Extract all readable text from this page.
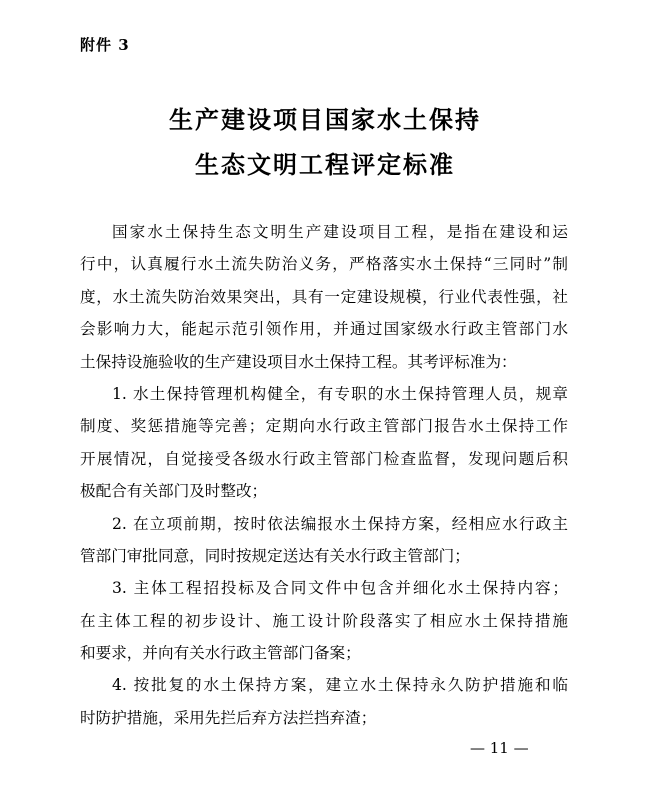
附件 3
生产建设项目国家水土保持
生态文明工程评定标准
国家水土保持生态文明生产建设项目工程，是指在建设和运
行中，认真履行水土流失防治义务，严格落实水土保持“三同时”制
度，水土流失防治效果突出，具有一定建设规模，行业代表性强，社
会影响力大，能起示范引领作用，并通过国家级水行政主管部门水
土保持设施验收的生产建设项目水土保持工程。其考评标准为：
1. 水土保持管理机构健全，有专职的水土保持管理人员，规章
制度、奖惩措施等完善；定期向水行政主管部门报告水土保持工作
开展情况，自觉接受各级水行政主管部门检查监督，发现问题后积
极配合有关部门及时整改；
2. 在立项前期，按时依法编报水土保持方案，经相应水行政主
管部门审批同意，同时按规定送达有关水行政主管部门；
3. 主体工程招投标及合同文件中包含并细化水土保持内容；
在主体工程的初步设计、施工设计阶段落实了相应水土保持措施
和要求，并向有关水行政主管部门备案；
4. 按批复的水土保持方案，建立水土保持永久防护措施和临
时防护措施，采用先拦后弃方法拦挡弃渣；
— 11 —
